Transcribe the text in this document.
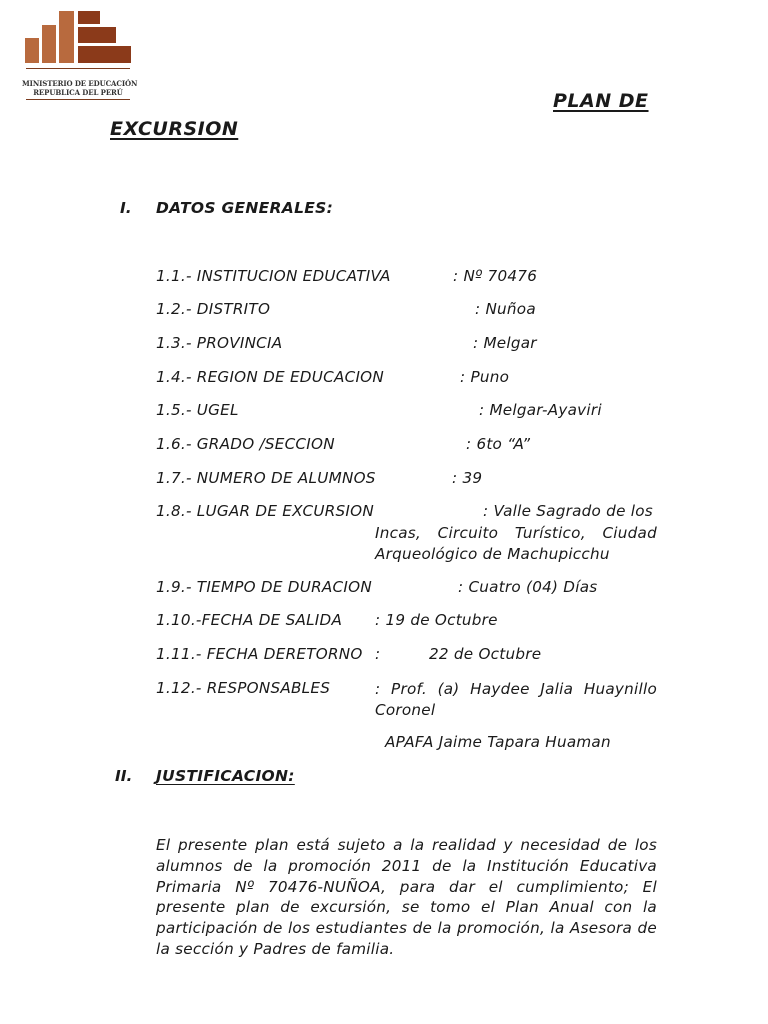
MINISTERIO DE EDUCACIÓN
REPUBLICA DEL PERÚ	PLAN DE
EXCURSION
I. DATOS GENERALES:
1.1.- INSTITUCION EDUCATIVA	: Nº 70476
1.2.- DISTRITO	: Nuñoa
1.3.- PROVINCIA	: Melgar
1.4.- REGION DE EDUCACION	: Puno
1.5.- UGEL	: Melgar-Ayaviri
1.6.- GRADO /SECCION	: 6to “A”
1.7.- NUMERO DE ALUMNOS	: 39
1.8.- LUGAR DE EXCURSION	: Valle Sagrado de los
Incas, Circuito Turístico, Ciudad Arqueológico de Machupicchu
1.9.- TIEMPO DE DURACION	: Cuatro (04) Días
1.10.-FECHA DE SALIDA : 19 de Octubre
1.11.- FECHA DERETORNO :	22 de Octubre
1.12.- RESPONSABLES	: Prof. (a) Haydee Jalia Huaynillo Coronel
APAFA Jaime Tapara Huaman
II. JUSTIFICACION:
El presente plan está sujeto a la realidad y necesidad de los alumnos de la promoción 2011 de la Institución Educativa Primaria Nº 70476-NUÑOA, para dar el cumplimiento; El presente plan de excursión, se tomo el Plan Anual con la participación de los estudiantes de la promoción, la Asesora de la sección y Padres de familia.
